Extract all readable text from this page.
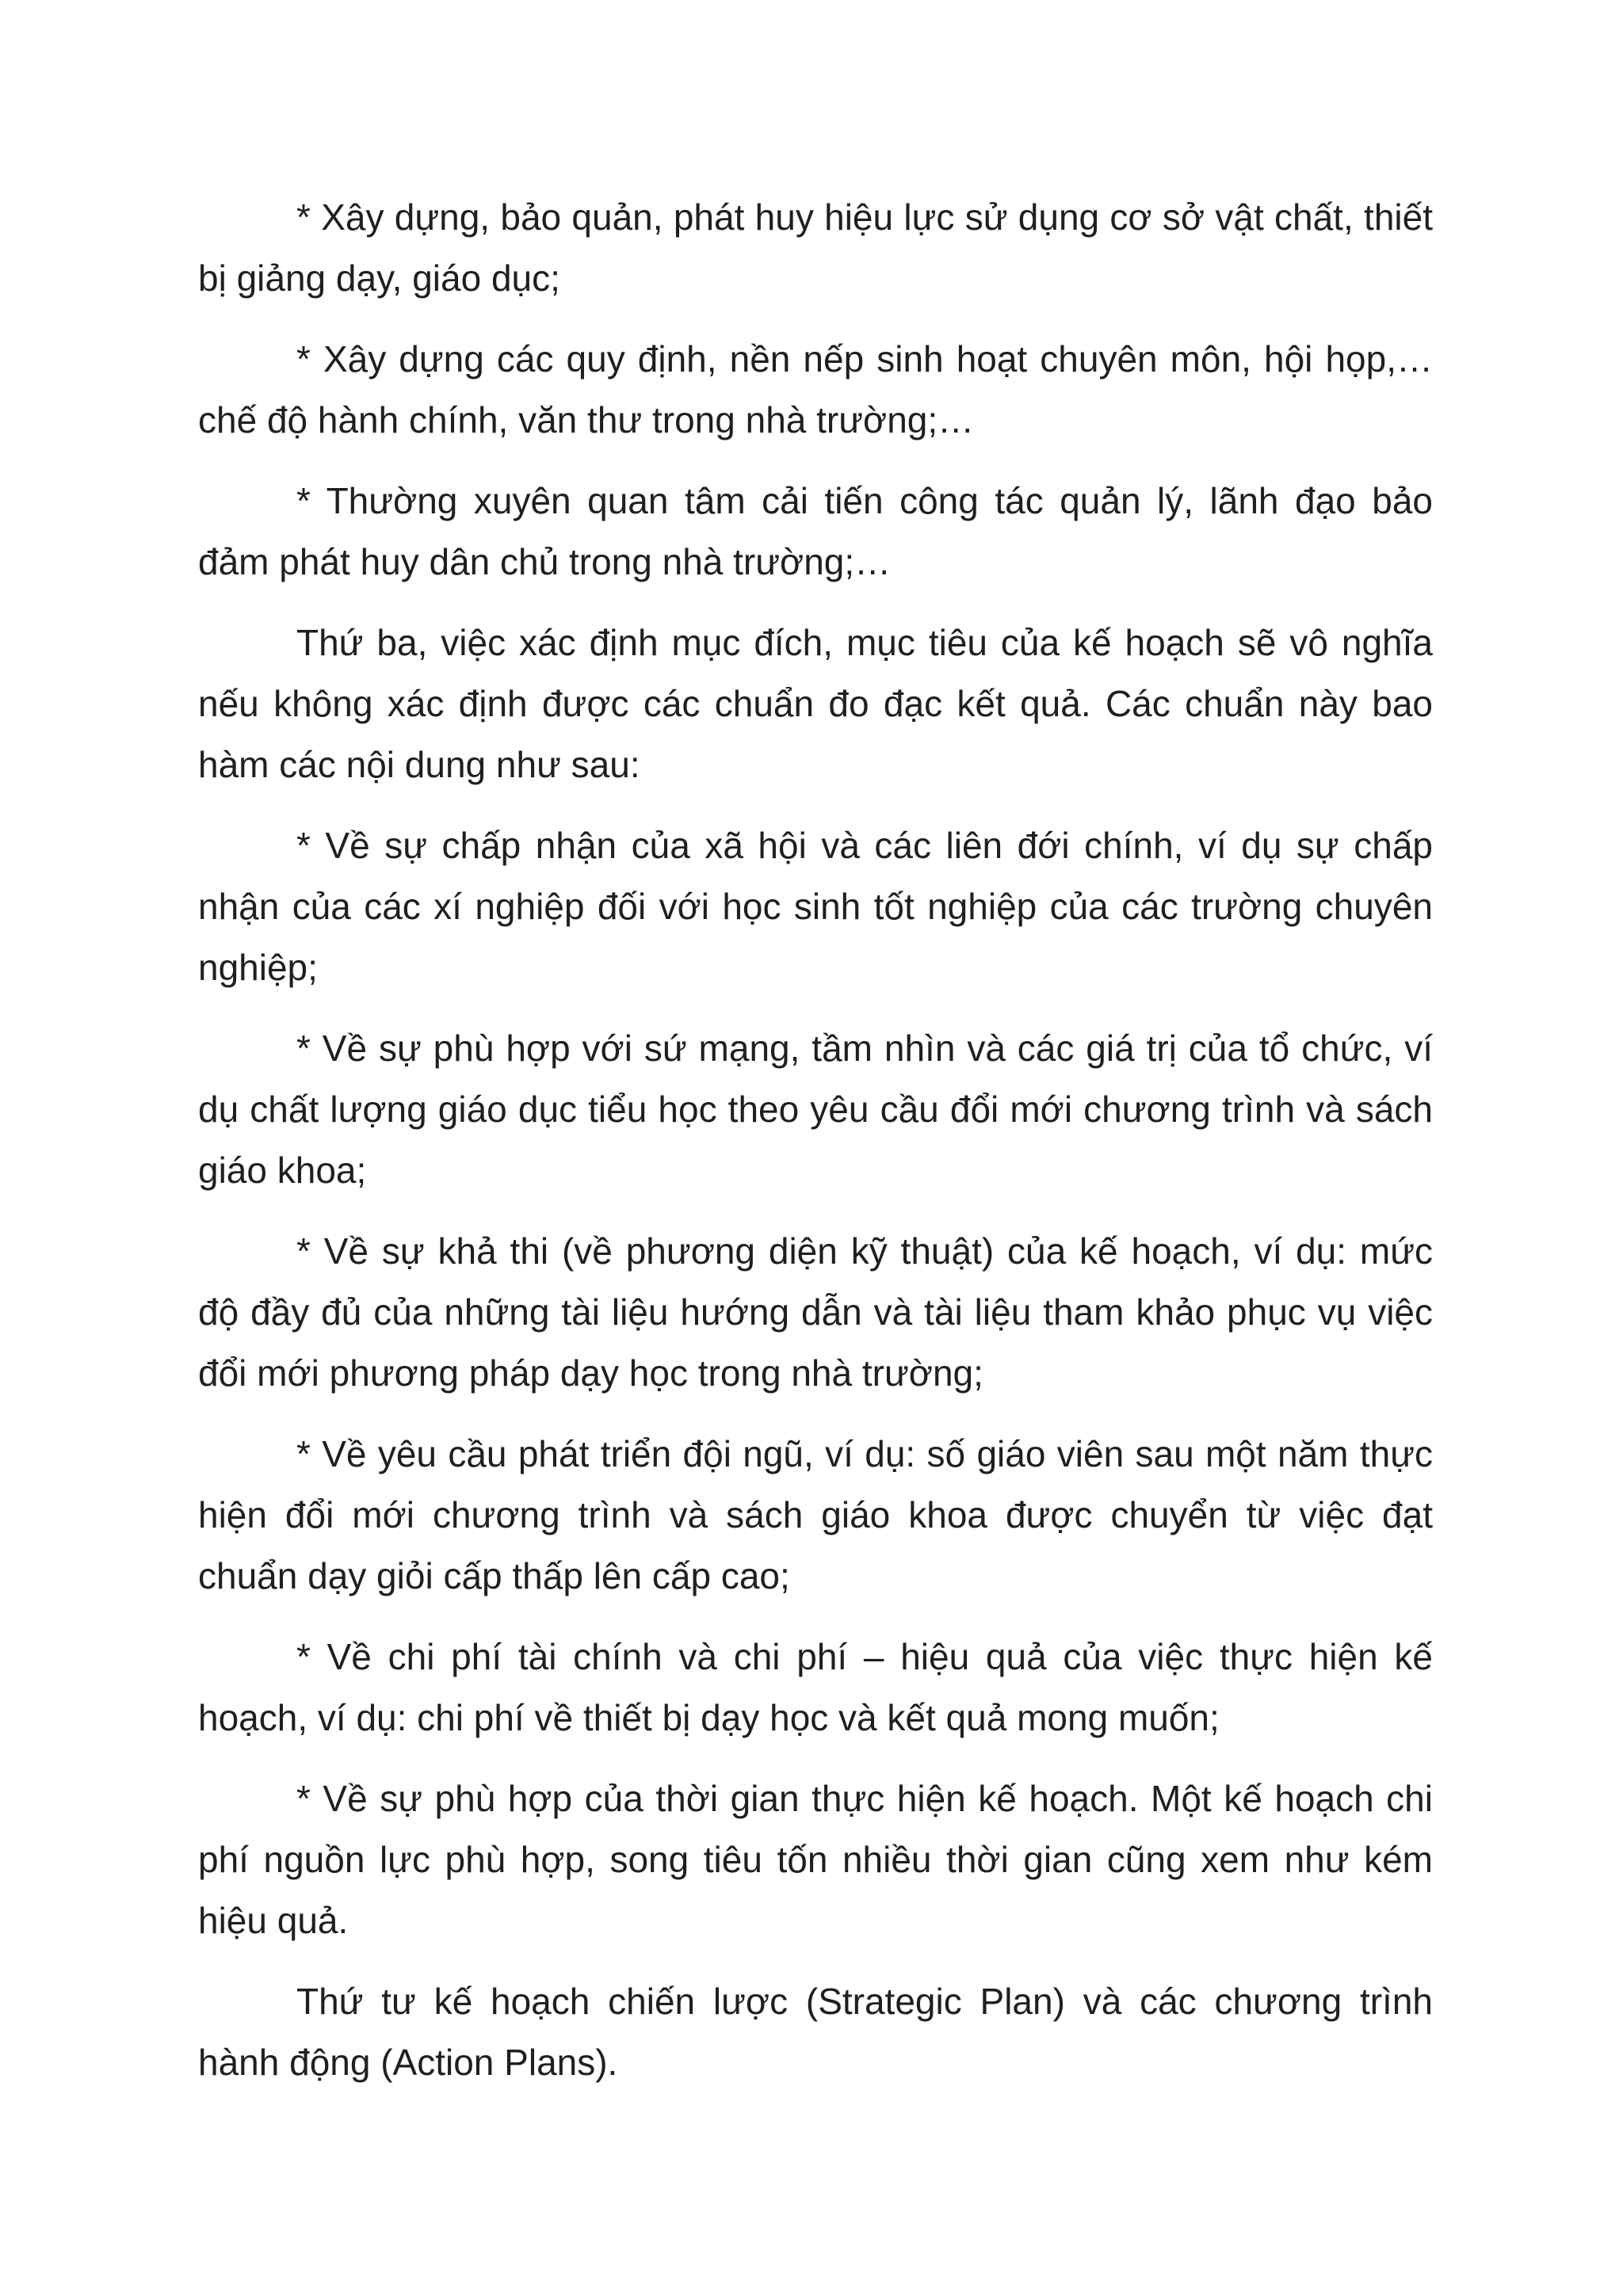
* Xây dựng, bảo quản, phát huy hiệu lực sử dụng cơ sở vật chất, thiết bị giảng dạy, giáo dục;

* Xây dựng các quy định, nền nếp sinh hoạt chuyên môn, hội họp,… chế độ hành chính, văn thư trong nhà trường;…

* Thường xuyên quan tâm cải tiến công tác quản lý, lãnh đạo bảo đảm phát huy dân chủ trong nhà trường;…

Thứ ba, việc xác định mục đích, mục tiêu của kế hoạch sẽ vô nghĩa nếu không xác định được các chuẩn đo đạc kết quả. Các chuẩn này bao hàm các nội dung như sau:

* Về sự chấp nhận của xã hội và các liên đới chính, ví dụ sự chấp nhận của các xí nghiệp đối với học sinh tốt nghiệp của các trường chuyên nghiệp;

* Về sự phù hợp với sứ mạng, tầm nhìn và các giá trị của tổ chức, ví dụ chất lượng giáo dục tiểu học theo yêu cầu đổi mới chương trình và sách giáo khoa;

* Về sự khả thi (về phương diện kỹ thuật) của kế hoạch, ví dụ: mức độ đầy đủ của những tài liệu hướng dẫn và tài liệu tham khảo phục vụ việc đổi mới phương pháp dạy học trong nhà trường;

* Về yêu cầu phát triển đội ngũ, ví dụ: số giáo viên sau một năm thực hiện đổi mới chương trình và sách giáo khoa được chuyển từ việc đạt chuẩn dạy giỏi cấp thấp lên cấp cao;

* Về chi phí tài chính và chi phí – hiệu quả của việc thực hiện kế hoạch, ví dụ: chi phí về thiết bị dạy học và kết quả mong muốn;

* Về sự phù hợp của thời gian thực hiện kế hoạch. Một kế hoạch chi phí nguồn lực phù hợp, song tiêu tốn nhiều thời gian cũng xem như kém hiệu quả.

Thứ tư kế hoạch chiến lược (Strategic Plan) và các chương trình hành động (Action Plans).
